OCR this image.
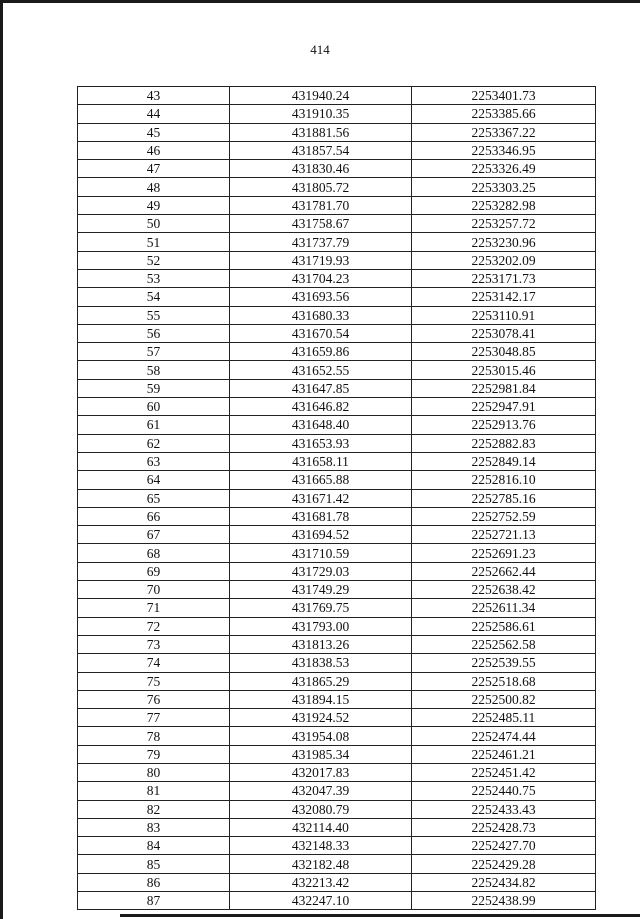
414
43	431940.24	2253401.73
44	431910.35	2253385.66
45	431881.56	2253367.22
46	431857.54	2253346.95
47	431830.46	2253326.49
48	431805.72	2253303.25
49	431781.70	2253282.98
50	431758.67	2253257.72
51	431737.79	2253230.96
52	431719.93	2253202.09
53	431704.23	2253171.73
54	431693.56	2253142.17
55	431680.33	2253110.91
56	431670.54	2253078.41
57	431659.86	2253048.85
58	431652.55	2253015.46
59	431647.85	2252981.84
60	431646.82	2252947.91
61	431648.40	2252913.76
62	431653.93	2252882.83
63	431658.11	2252849.14
64	431665.88	2252816.10
65	431671.42	2252785.16
66	431681.78	2252752.59
67	431694.52	2252721.13
68	431710.59	2252691.23
69	431729.03	2252662.44
70	431749.29	2252638.42
71	431769.75	2252611.34
72	431793.00	2252586.61
73	431813.26	2252562.58
74	431838.53	2252539.55
75	431865.29	2252518.68
76	431894.15	2252500.82
77	431924.52	2252485.11
78	431954.08	2252474.44
79	431985.34	2252461.21
80	432017.83	2252451.42
81	432047.39	2252440.75
82	432080.79	2252433.43
83	432114.40	2252428.73
84	432148.33	2252427.70
85	432182.48	2252429.28
86	432213.42	2252434.82
87	432247.10	2252438.99
